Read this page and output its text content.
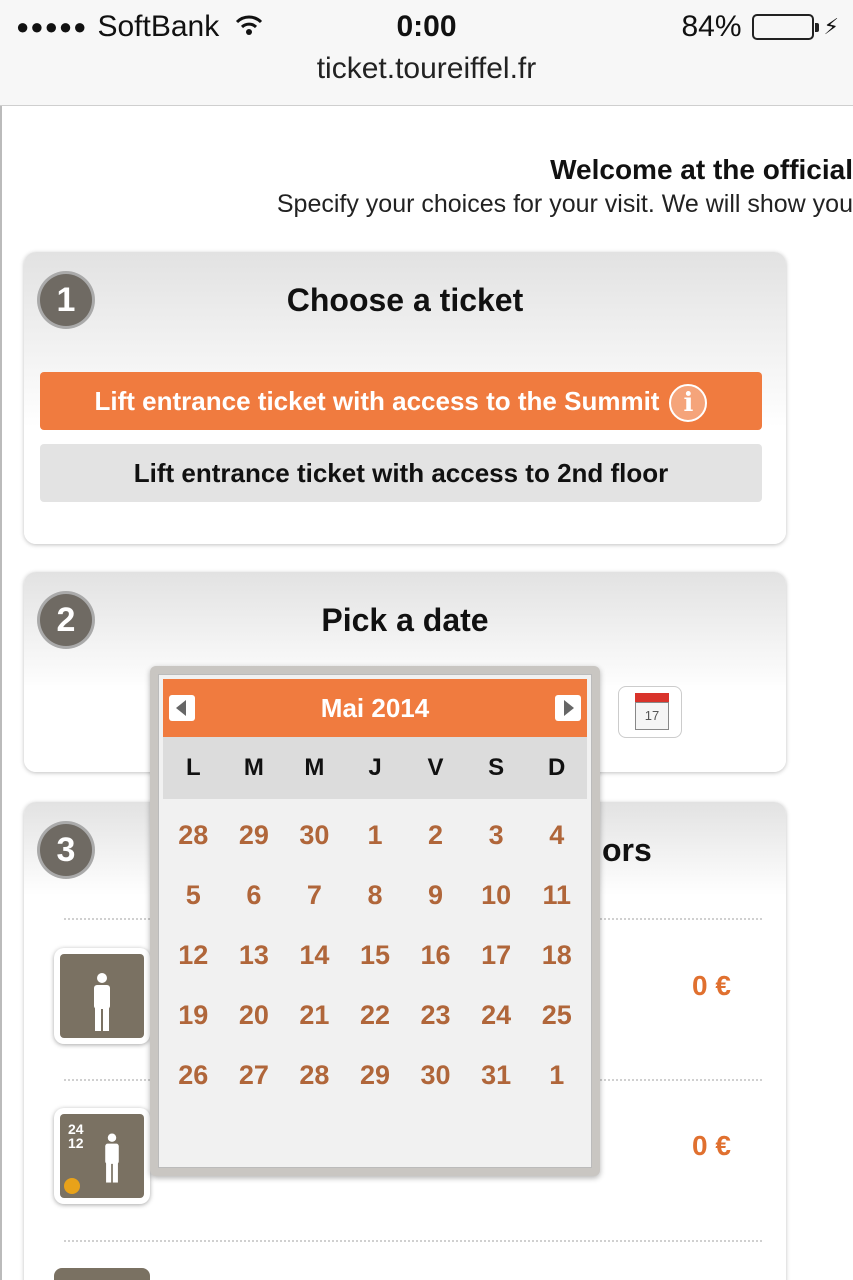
●●●●● SoftBank	0:00	84%	⚡
ticket.toureiffel.fr
Welcome at the official
Specify your choices for your visit. We will show you
1	Choose a ticket
Lift entrance ticket with access to the Summit i
Lift entrance ticket with access to 2nd floor
2	Pick a date
17
3	ors
0 €
24
12	0 €
Mai 2014
L	M	M	J	V	S	D
28	29	30	1	2	3	4
5	6	7	8	9	10	11
12	13	14	15	16	17	18
19	20	21	22	23	24	25
26	27	28	29	30	31	1
